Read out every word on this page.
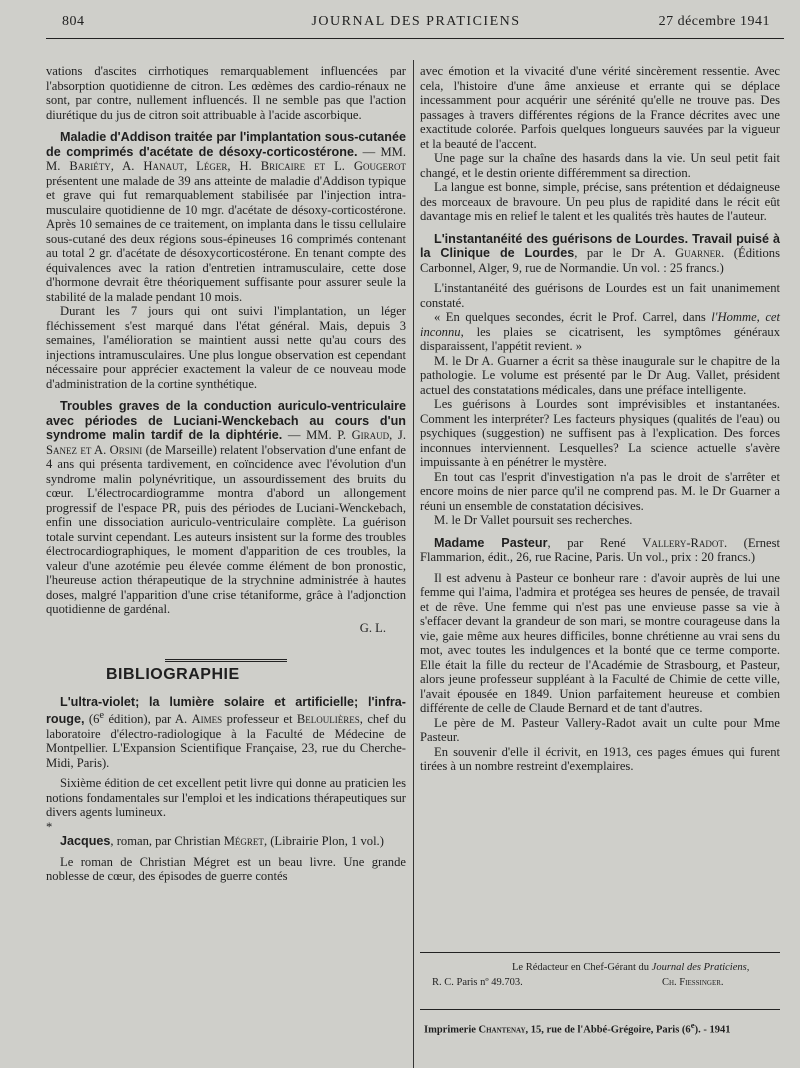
804	JOURNAL DES PRATICIENS	27 décembre 1941

vations d'ascites cirrhotiques remarquablement influencées par l'absorption quotidienne de citron. Les œdèmes des cardio-rénaux ne sont, par contre, nullement influencés. Il ne semble pas que l'action diurétique du jus de citron soit attribuable à l'acide ascorbique.

Maladie d'Addison traitée par l'implantation sous-cutanée de comprimés d'acétate de désoxy-corticostérone. — MM. M. Bariéty, A. Hanaut, Léger, H. Bricaire et L. Gougerot présentent une malade de 39 ans atteinte de maladie d'Addison typique et grave qui fut remarquablement stabilisée par l'injection intra-musculaire quotidienne de 10 mgr. d'acétate de désoxy-corticostérone. Après 10 semaines de ce traitement, on implanta dans le tissu cellulaire sous-cutané des deux régions sous-épineuses 16 comprimés contenant au total 2 gr. d'acétate de désoxycorticostérone. En tenant compte des équivalences avec la ration d'entretien intramusculaire, cette dose d'hormone devrait être théoriquement suffisante pour assurer seule la stabilité de la malade pendant 10 mois.

Durant les 7 jours qui ont suivi l'implantation, un léger fléchissement s'est marqué dans l'état général. Mais, depuis 3 semaines, l'amélioration se maintient aussi nette qu'au cours des injections intramusculaires. Une plus longue observation est cependant nécessaire pour apprécier exactement la valeur de ce nouveau mode d'administration de la cortine synthétique.

Troubles graves de la conduction auriculo-ventriculaire avec périodes de Luciani-Wenckebach au cours d'un syndrome malin tardif de la diphtérie. — MM. P. Giraud, J. Sanez et A. Orsini (de Marseille) relatent l'observation d'une enfant de 4 ans qui présenta tardivement, en coïncidence avec l'évolution d'un syndrome malin polynévritique, un assourdissement des bruits du cœur. L'électrocardiogramme montra d'abord un allongement progressif de l'espace PR, puis des périodes de Luciani-Wenckebach, enfin une dissociation auriculo-ventriculaire complète. La guérison totale survint cependant. Les auteurs insistent sur la forme des troubles électrocardiographiques, le moment d'apparition de ces troubles, la valeur d'une azotémie peu élevée comme élément de bon pronostic, l'heureuse action thérapeutique de la strychnine administrée à hautes doses, malgré l'apparition d'une crise tétaniforme, grâce à l'adjonction quotidienne de gardénal.

G. L.

BIBLIOGRAPHIE

L'ultra-violet; la lumière solaire et artificielle; l'infra-rouge, (6e édition), par A. Aimes professeur et Beloulières, chef du laboratoire d'électro-radiologique à la Faculté de Médecine de Montpellier. L'Expansion Scientifique Française, 23, rue du Cherche-Midi, Paris).

Sixième édition de cet excellent petit livre qui donne au praticien les notions fondamentales sur l'emploi et les indications thérapeutiques sur divers agents lumineux.

*

Jacques, roman, par Christian Mégret, (Librairie Plon, 1 vol.)

Le roman de Christian Mégret est un beau livre. Une grande noblesse de cœur, des épisodes de guerre contés

avec émotion et la vivacité d'une vérité sincèrement ressentie. Avec cela, l'histoire d'une âme anxieuse et errante qui se déplace incessamment pour acquérir une sérénité qu'elle ne trouve pas. Des passages à travers différentes régions de la France décrites avec une exactitude colorée. Parfois quelques longueurs sauvées par la vigueur et la beauté de l'accent.

Une page sur la chaîne des hasards dans la vie. Un seul petit fait changé, et le destin oriente différemment sa direction.

La langue est bonne, simple, précise, sans prétention et dédaigneuse des morceaux de bravoure. Un peu plus de rapidité dans le récit eût davantage mis en relief le talent et les qualités très hautes de l'auteur.

L'instantanéité des guérisons de Lourdes. Travail puisé à la Clinique de Lourdes, par le Dr A. Guarner. (Éditions Carbonnel, Alger, 9, rue de Normandie. Un vol. : 25 francs.)

L'instantanéité des guérisons de Lourdes est un fait unanimement constaté.

« En quelques secondes, écrit le Prof. Carrel, dans l'Homme, cet inconnu, les plaies se cicatrisent, les symptômes généraux disparaissent, l'appétit revient. »

M. le Dr A. Guarner a écrit sa thèse inaugurale sur le chapitre de la pathologie. Le volume est présenté par le Dr Aug. Vallet, président actuel des constatations médicales, dans une préface intelligente.

Les guérisons à Lourdes sont imprévisibles et instantanées. Comment les interpréter? Les facteurs physiques (qualités de l'eau) ou psychiques (suggestion) ne suffisent pas à l'explication. Des forces inconnues interviennent. Lesquelles? La science actuelle s'avère impuissante à en pénétrer le mystère.

En tout cas l'esprit d'investigation n'a pas le droit de s'arrêter et encore moins de nier parce qu'il ne comprend pas. M. le Dr Guarner a réuni un ensemble de constatation décisives.

M. le Dr Vallet poursuit ses recherches.

Madame Pasteur, par René Vallery-Radot. (Ernest Flammarion, édit., 26, rue Racine, Paris. Un vol., prix : 20 francs.)

Il est advenu à Pasteur ce bonheur rare : d'avoir auprès de lui une femme qui l'aima, l'admira et protégea ses heures de pensée, de travail et de rêve. Une femme qui n'est pas une envieuse passe sa vie à s'effacer devant la grandeur de son mari, se montre courageuse dans la vie, gaie même aux heures difficiles, bonne chrétienne au vrai sens du mot, avec toutes les indulgences et la bonté que ce terme comporte. Elle était la fille du recteur de l'Académie de Strasbourg, et Pasteur, alors jeune professeur suppléant à la Faculté de Chimie de cette ville, l'avait épousée en 1849. Union parfaitement heureuse et combien différente de celle de Claude Bernard et de tant d'autres.

Le père de M. Pasteur Vallery-Radot avait un culte pour Mme Pasteur.

En souvenir d'elle il écrivit, en 1913, ces pages émues qui furent tirées à un nombre restreint d'exemplaires.

Le Rédacteur en Chef-Gérant du Journal des Praticiens,
R. C. Paris nº 49.703.	Ch. Fiessinger.
Imprimerie Chantenay, 15, rue de l'Abbé-Grégoire, Paris (6e). - 1941
